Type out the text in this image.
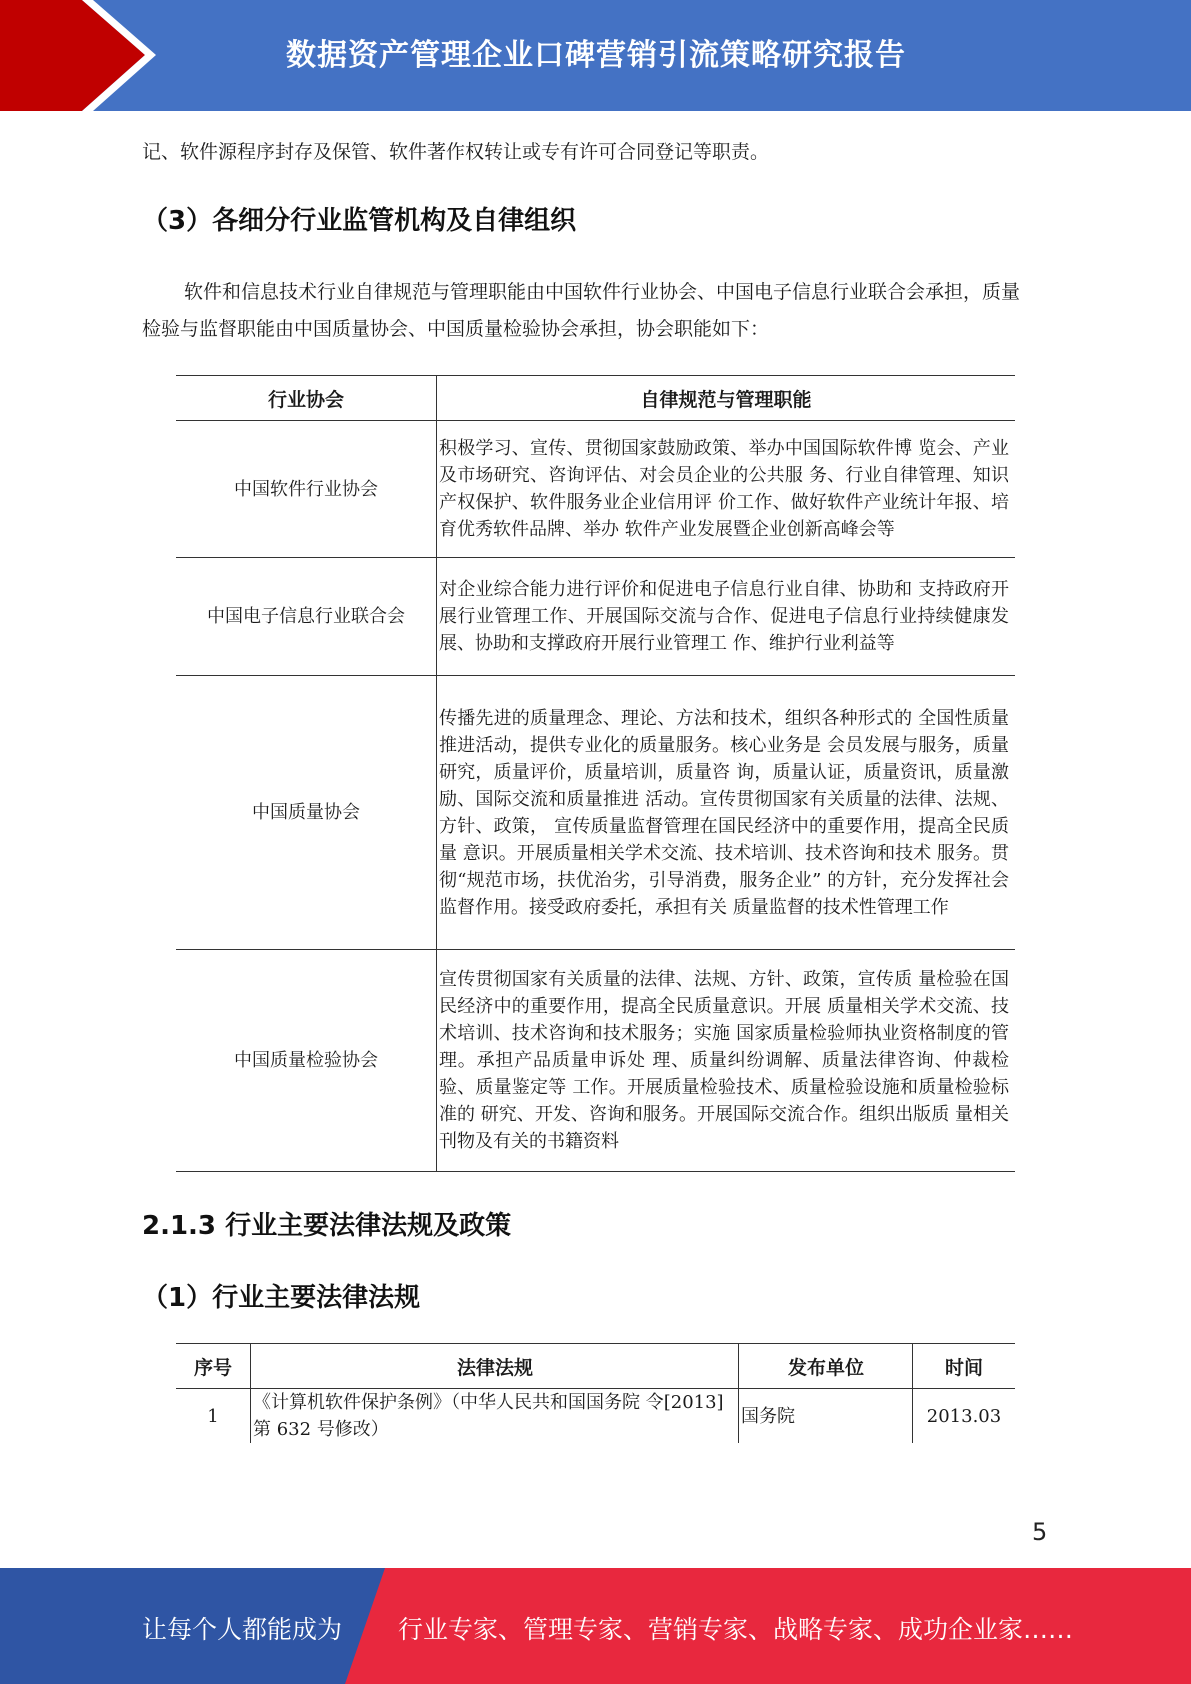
数据资产管理企业口碑营销引流策略研究报告

记、软件源程序封存及保管、软件著作权转让或专有许可合同登记等职责。

（3）各细分行业监管机构及自律组织

软件和信息技术行业自律规范与管理职能由中国软件行业协会、中国电子信息行业联合会承担，质量检验与监督职能由中国质量协会、中国质量检验协会承担，协会职能如下：

行业协会	自律规范与管理职能
中国软件行业协会	积极学习、宣传、贯彻国家鼓励政策、举办中国国际软件博 览会、产业及市场研究、咨询评估、对会员企业的公共服 务、行业自律管理、知识产权保护、软件服务业企业信用评 价工作、做好软件产业统计年报、培育优秀软件品牌、举办 软件产业发展暨企业创新高峰会等
中国电子信息行业联合会	对企业综合能力进行评价和促进电子信息行业自律、协助和 支持政府开展行业管理工作、开展国际交流与合作、促进电子信息行业持续健康发展、协助和支撑政府开展行业管理工 作、维护行业利益等
中国质量协会	传播先进的质量理念、理论、方法和技术，组织各种形式的 全国性质量推进活动，提供专业化的质量服务。核心业务是 会员发展与服务，质量研究，质量评价，质量培训，质量咨 询，质量认证，质量资讯，质量激励、国际交流和质量推进 活动。宣传贯彻国家有关质量的法律、法规、方针、政策， 宣传质量监督管理在国民经济中的重要作用，提高全民质量 意识。开展质量相关学术交流、技术培训、技术咨询和技术 服务。贯彻“规范市场，扶优治劣，引导消费，服务企业” 的方针，充分发挥社会监督作用。接受政府委托，承担有关 质量监督的技术性管理工作
中国质量检验协会	宣传贯彻国家有关质量的法律、法规、方针、政策，宣传质 量检验在国民经济中的重要作用，提高全民质量意识。开展 质量相关学术交流、技术培训、技术咨询和技术服务；实施 国家质量检验师执业资格制度的管理。承担产品质量申诉处 理、质量纠纷调解、质量法律咨询、仲裁检验、质量鉴定等 工作。开展质量检验技术、质量检验设施和质量检验标准的 研究、开发、咨询和服务。开展国际交流合作。组织出版质 量相关刊物及有关的书籍资料
2.1.3 行业主要法律法规及政策
（1）行业主要法律法规
序号	法律法规	发布单位	时间
1	《计算机软件保护条例》（中华人民共和国国务院 令[2013]第 632 号修改）	国务院	2013.03
5
让每个人都能成为 行业专家、管理专家、营销专家、战略专家、成功企业家……
